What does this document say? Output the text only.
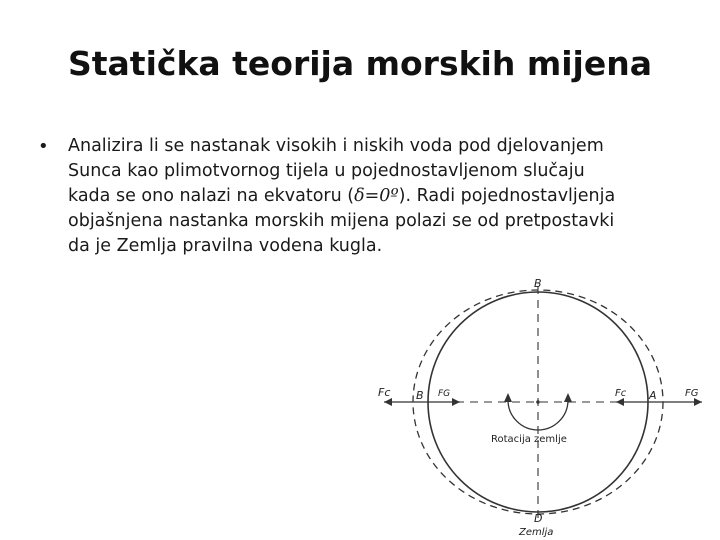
Statička teorija morskih mijena
• Analizira li se nastanak visokih i niskih voda pod djelovanjem
Sunca kao plimotvornog tijela u pojednostavljenom slučaju
kada se ono nalazi na ekvatoru (δ=0º). Radi pojednostavljenja
objašnjena nastanka morskih mijena polazi se od pretpostavki
da je Zemlja pravilna vodena kugla.
B
D
B	A
Fc	FG	Fc	FG
Rotacija zemlje
Zemlja
